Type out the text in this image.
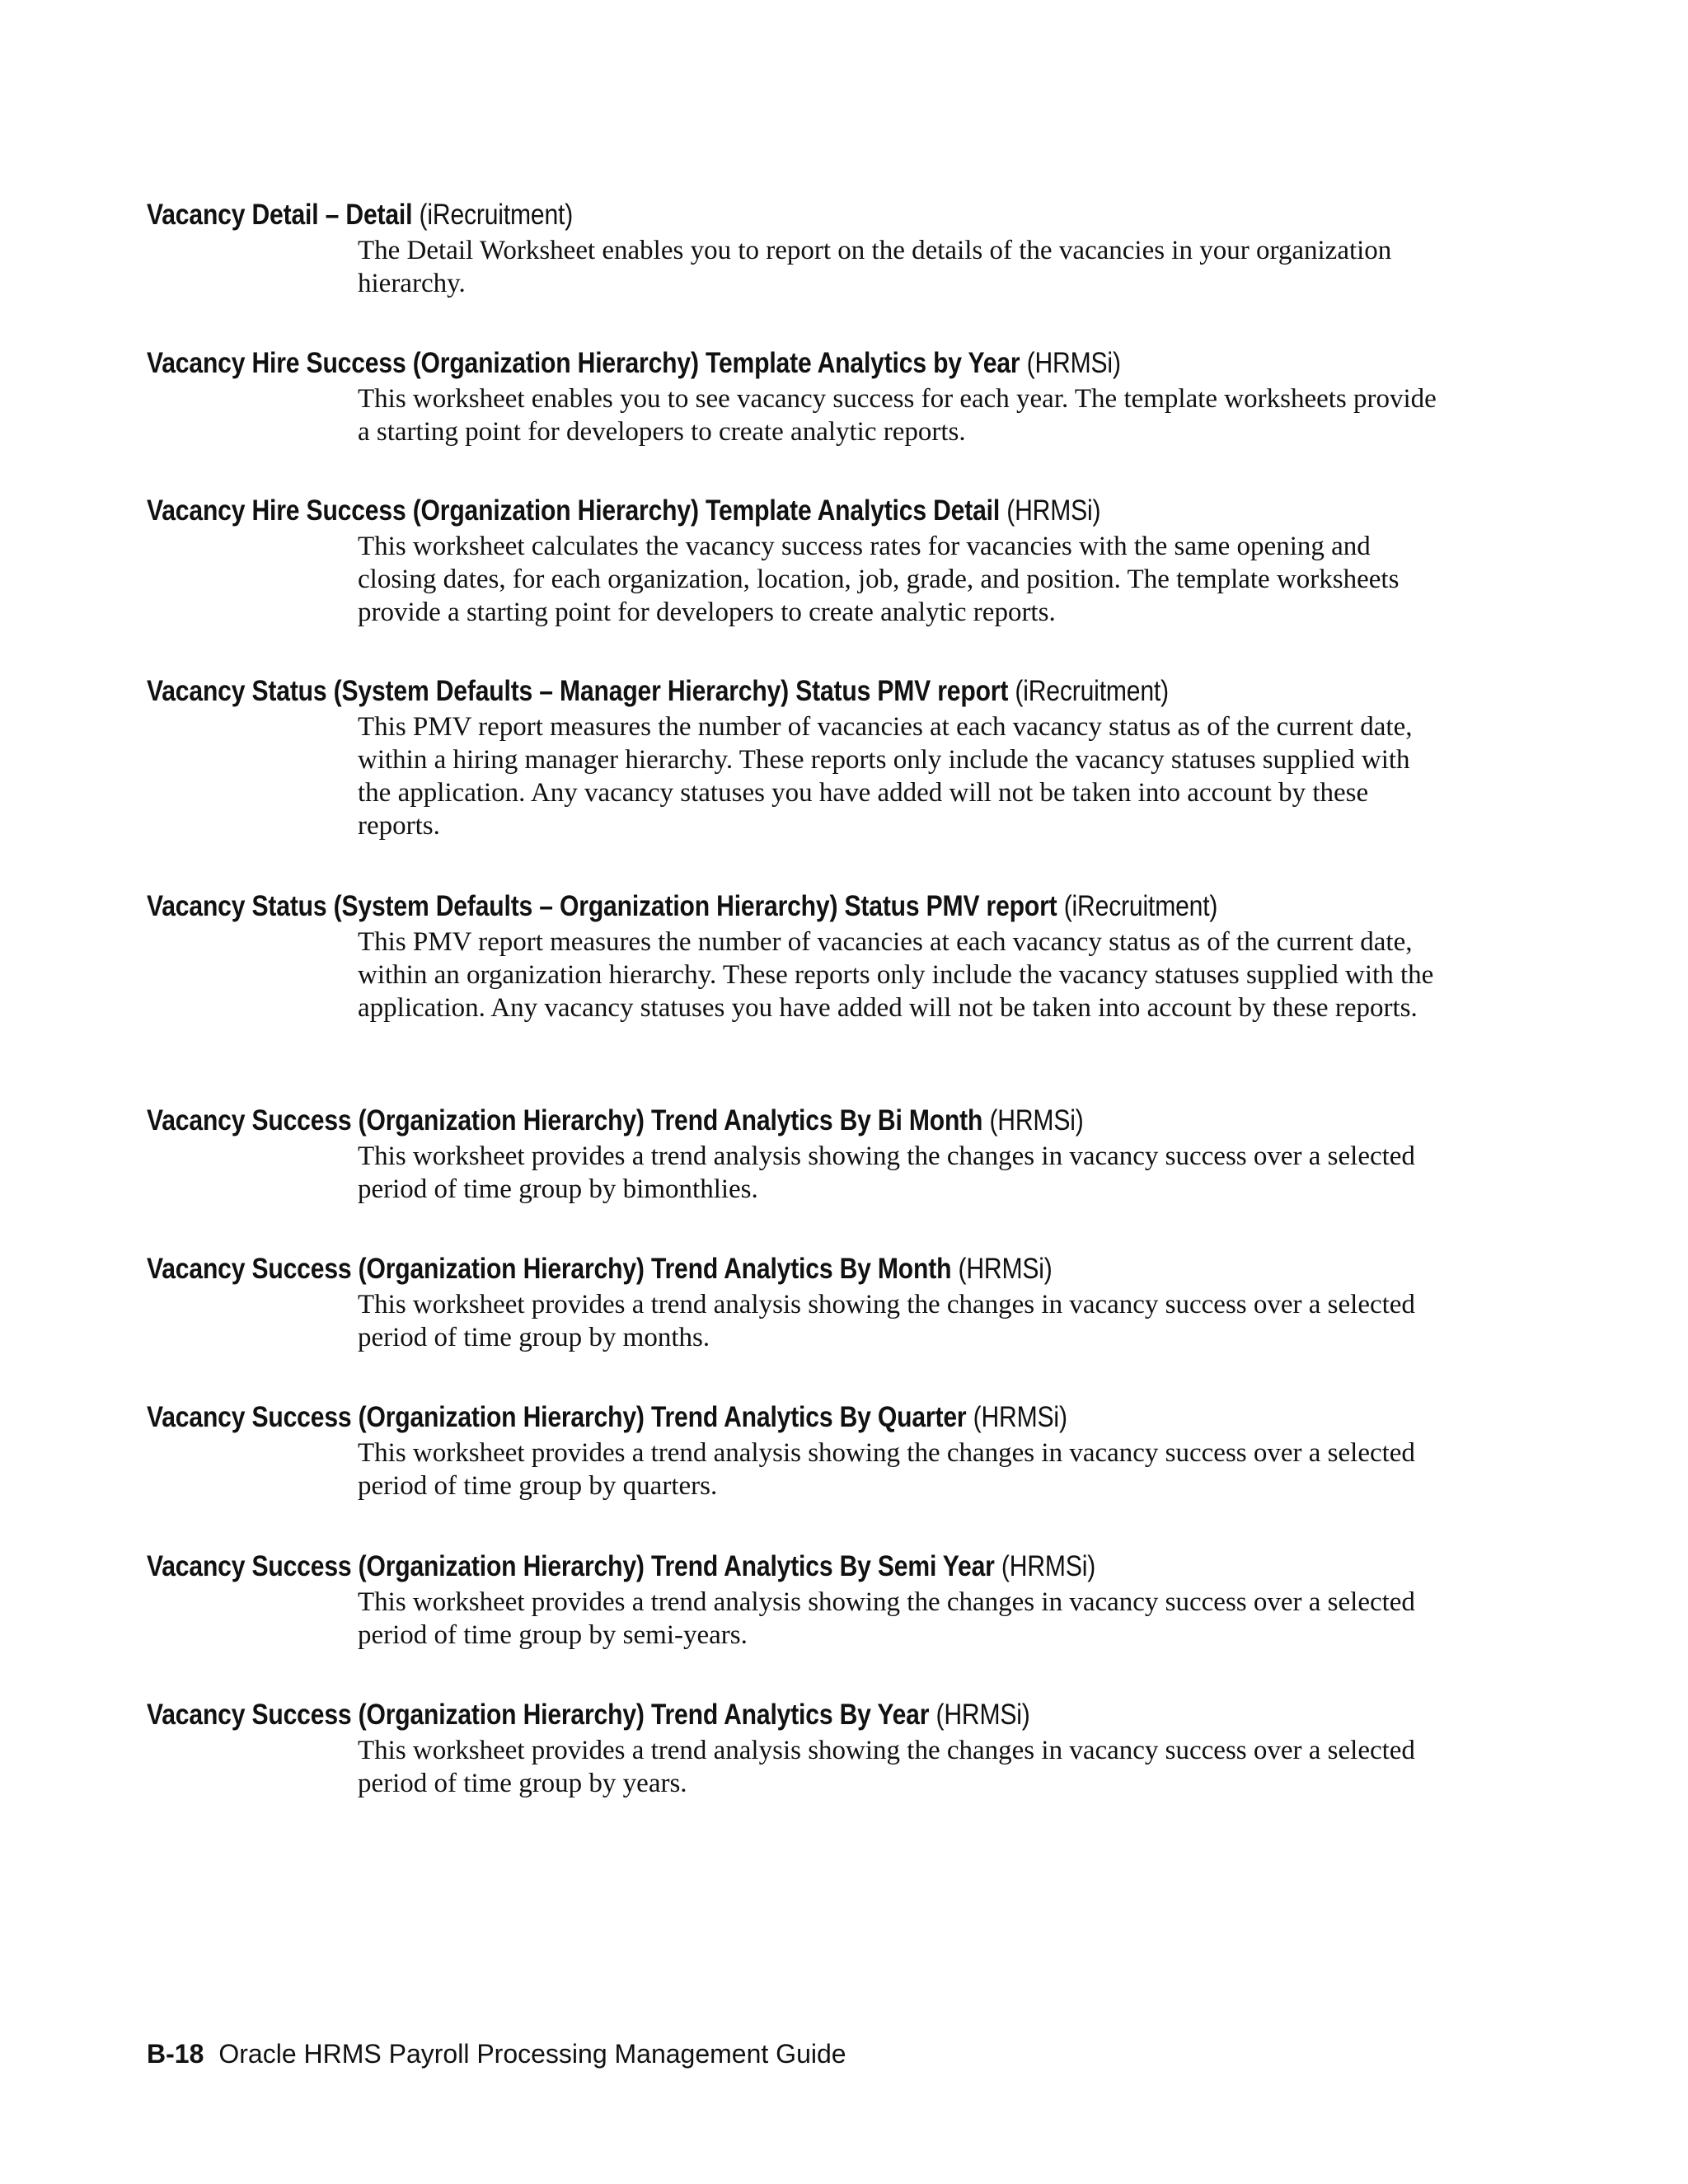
Vacancy Detail – Detail (iRecruitment)

The Detail Worksheet enables you to report on the details of the vacancies in your organization hierarchy.

Vacancy Hire Success (Organization Hierarchy) Template Analytics by Year (HRMSi)

This worksheet enables you to see vacancy success for each year. The template worksheets provide a starting point for developers to create analytic reports.

Vacancy Hire Success (Organization Hierarchy) Template Analytics Detail (HRMSi)

This worksheet calculates the vacancy success rates for vacancies with the same opening and closing dates, for each organization, location, job, grade, and position. The template worksheets provide a starting point for developers to create analytic reports.

Vacancy Status (System Defaults – Manager Hierarchy) Status PMV report (iRecruitment)

This PMV report measures the number of vacancies at each vacancy status as of the current date, within a hiring manager hierarchy. These reports only include the vacancy statuses supplied with the application. Any vacancy statuses you have added will not be taken into account by these reports.

Vacancy Status (System Defaults – Organization Hierarchy) Status PMV report (iRecruitment)

This PMV report measures the number of vacancies at each vacancy status as of the current date, within an organization hierarchy. These reports only include the vacancy statuses supplied with the application. Any vacancy statuses you have added will not be taken into account by these reports.

Vacancy Success (Organization Hierarchy) Trend Analytics By Bi Month (HRMSi)

This worksheet provides a trend analysis showing the changes in vacancy success over a selected period of time group by bimonthlies.

Vacancy Success (Organization Hierarchy) Trend Analytics By Month (HRMSi)

This worksheet provides a trend analysis showing the changes in vacancy success over a selected period of time group by months.

Vacancy Success (Organization Hierarchy) Trend Analytics By Quarter (HRMSi)

This worksheet provides a trend analysis showing the changes in vacancy success over a selected period of time group by quarters.

Vacancy Success (Organization Hierarchy) Trend Analytics By Semi Year (HRMSi)

This worksheet provides a trend analysis showing the changes in vacancy success over a selected period of time group by semi-years.

Vacancy Success (Organization Hierarchy) Trend Analytics By Year (HRMSi)

This worksheet provides a trend analysis showing the changes in vacancy success over a selected period of time group by years.

B-18 Oracle HRMS Payroll Processing Management Guide
